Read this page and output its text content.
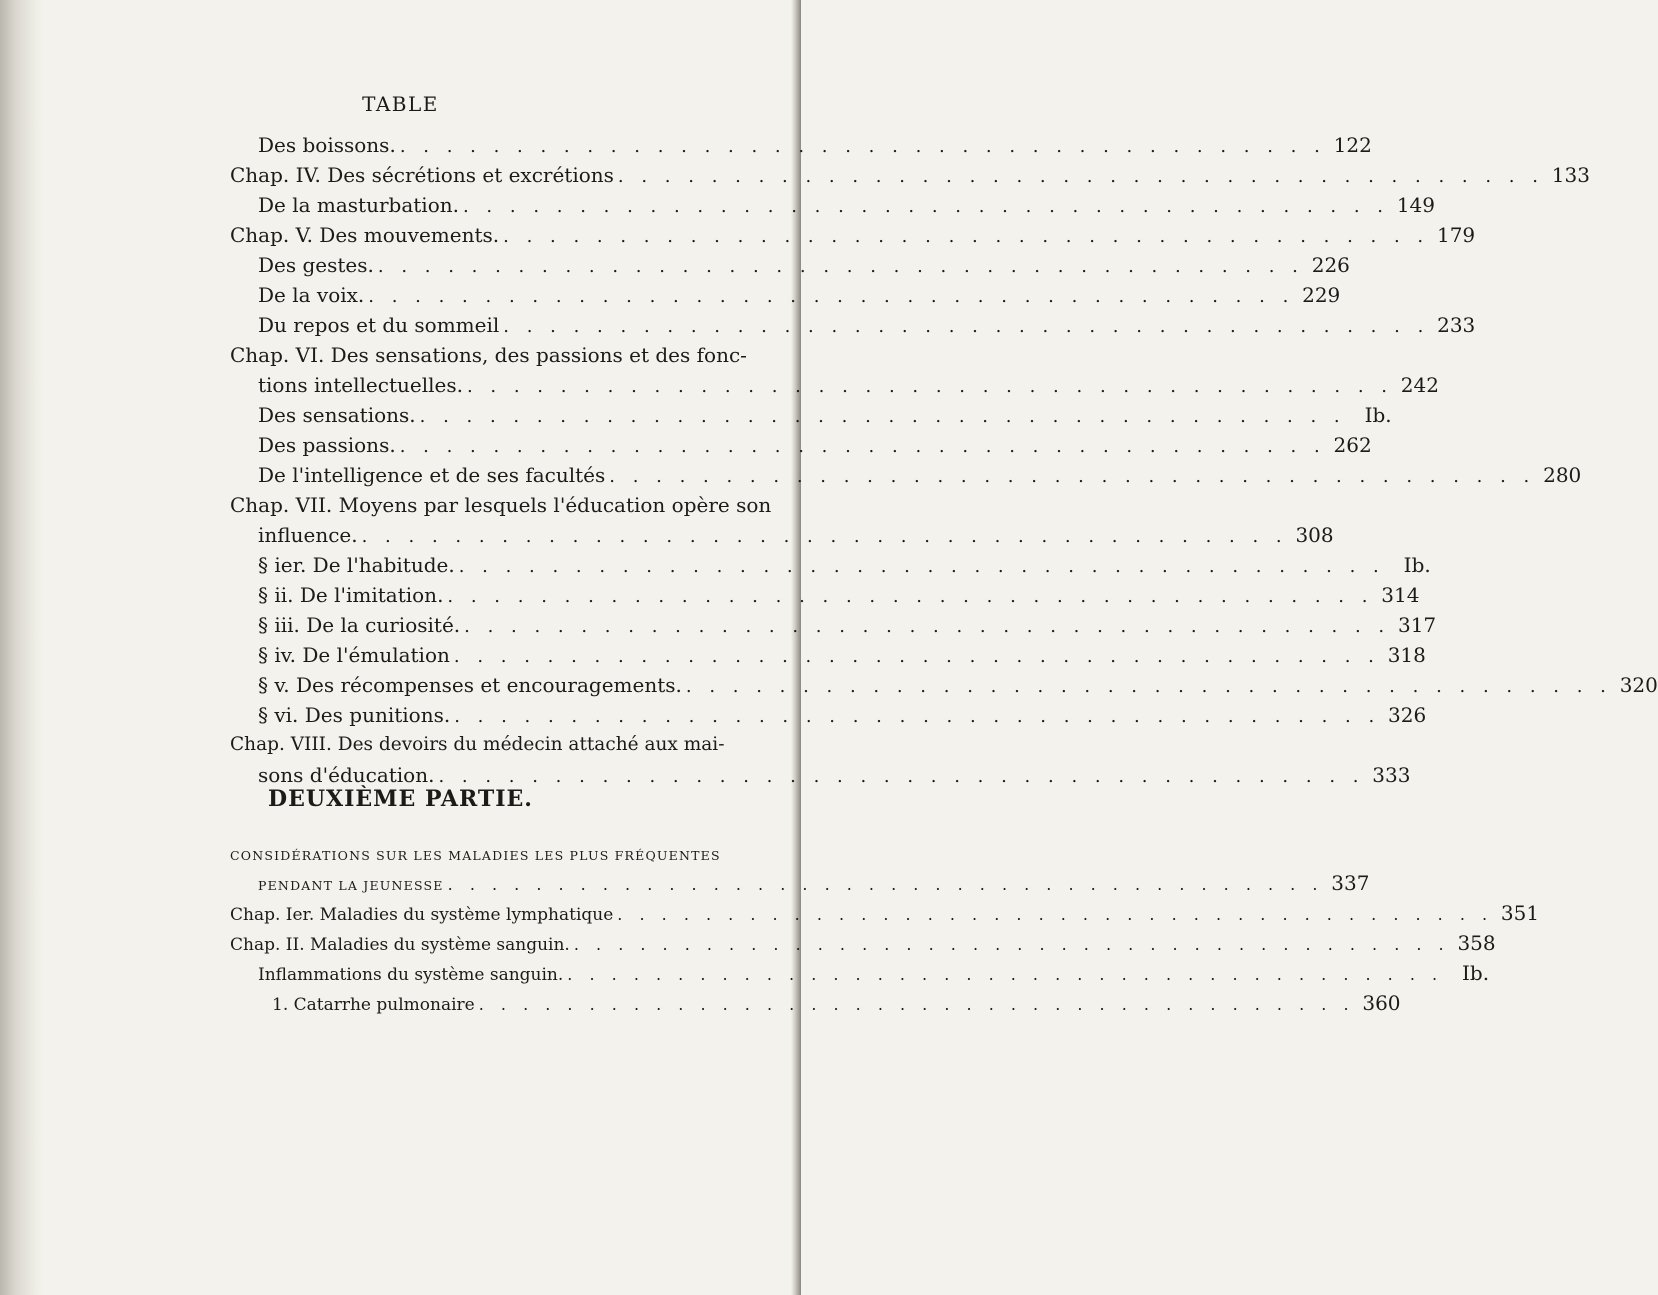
TABLE
Des boissons. . . . . . . . . . . . . . . . . . . . . . . . . . . . . . . . . . . . . . . . . 122
Chap. IV. Des sécrétions et excrétions . . . . . . . . . . . . . . . . . . . . . . . . . . . . . . . . . . . . . . . . 133
De la masturbation. . . . . . . . . . . . . . . . . . . . . . . . . . . . . . . . . . . . . . . . . 149
Chap. V. Des mouvements. . . . . . . . . . . . . . . . . . . . . . . . . . . . . . . . . . . . . . . . . 179
Des gestes. . . . . . . . . . . . . . . . . . . . . . . . . . . . . . . . . . . . . . . . . 226
De la voix. . . . . . . . . . . . . . . . . . . . . . . . . . . . . . . . . . . . . . . . . 229
Du repos et du sommeil . . . . . . . . . . . . . . . . . . . . . . . . . . . . . . . . . . . . . . . . 233
Chap. VI. Des sensations, des passions et des fonc-
tions intellectuelles. . . . . . . . . . . . . . . . . . . . . . . . . . . . . . . . . . . . . . . . . 242
Des sensations. . . . . . . . . . . . . . . . . . . . . . . . . . . . . . . . . . . . . . . . . Ib.
Des passions. . . . . . . . . . . . . . . . . . . . . . . . . . . . . . . . . . . . . . . . . 262
De l'intelligence et de ses facultés . . . . . . . . . . . . . . . . . . . . . . . . . . . . . . . . . . . . . . . . 280
Chap. VII. Moyens par lesquels l'éducation opère son
influence. . . . . . . . . . . . . . . . . . . . . . . . . . . . . . . . . . . . . . . . . 308
§ ier. De l'habitude. . . . . . . . . . . . . . . . . . . . . . . . . . . . . . . . . . . . . . . . . Ib.
§ ii. De l'imitation. . . . . . . . . . . . . . . . . . . . . . . . . . . . . . . . . . . . . . . . . 314
§ iii. De la curiosité. . . . . . . . . . . . . . . . . . . . . . . . . . . . . . . . . . . . . . . . . 317
§ iv. De l'émulation . . . . . . . . . . . . . . . . . . . . . . . . . . . . . . . . . . . . . . . . 318
§ v. Des récompenses et encouragements. . . . . . . . . . . . . . . . . . . . . . . . . . . . . . . . . . . . . . . . . 320
§ vi. Des punitions. . . . . . . . . . . . . . . . . . . . . . . . . . . . . . . . . . . . . . . . . 326
Chap. VIII. Des devoirs du médecin attaché aux mai-
sons d'éducation. . . . . . . . . . . . . . . . . . . . . . . . . . . . . . . . . . . . . . . . . 333
DEUXIÈME PARTIE.
CONSIDÉRATIONS SUR LES MALADIES LES PLUS FRÉQUENTES
PENDANT LA JEUNESSE . . . . . . . . . . . . . . . . . . . . . . . . . . . . . . . . . . . . . . . . 337
Chap. Ier. Maladies du système lymphatique . . . . . . . . . . . . . . . . . . . . . . . . . . . . . . . . . . . . . . . . 351
Chap. II. Maladies du système sanguin. . . . . . . . . . . . . . . . . . . . . . . . . . . . . . . . . . . . . . . . . 358
Inflammations du système sanguin. . . . . . . . . . . . . . . . . . . . . . . . . . . . . . . . . . . . . . . . . Ib.
1. Catarrhe pulmonaire . . . . . . . . . . . . . . . . . . . . . . . . . . . . . . . . . . . . . . . . 360
